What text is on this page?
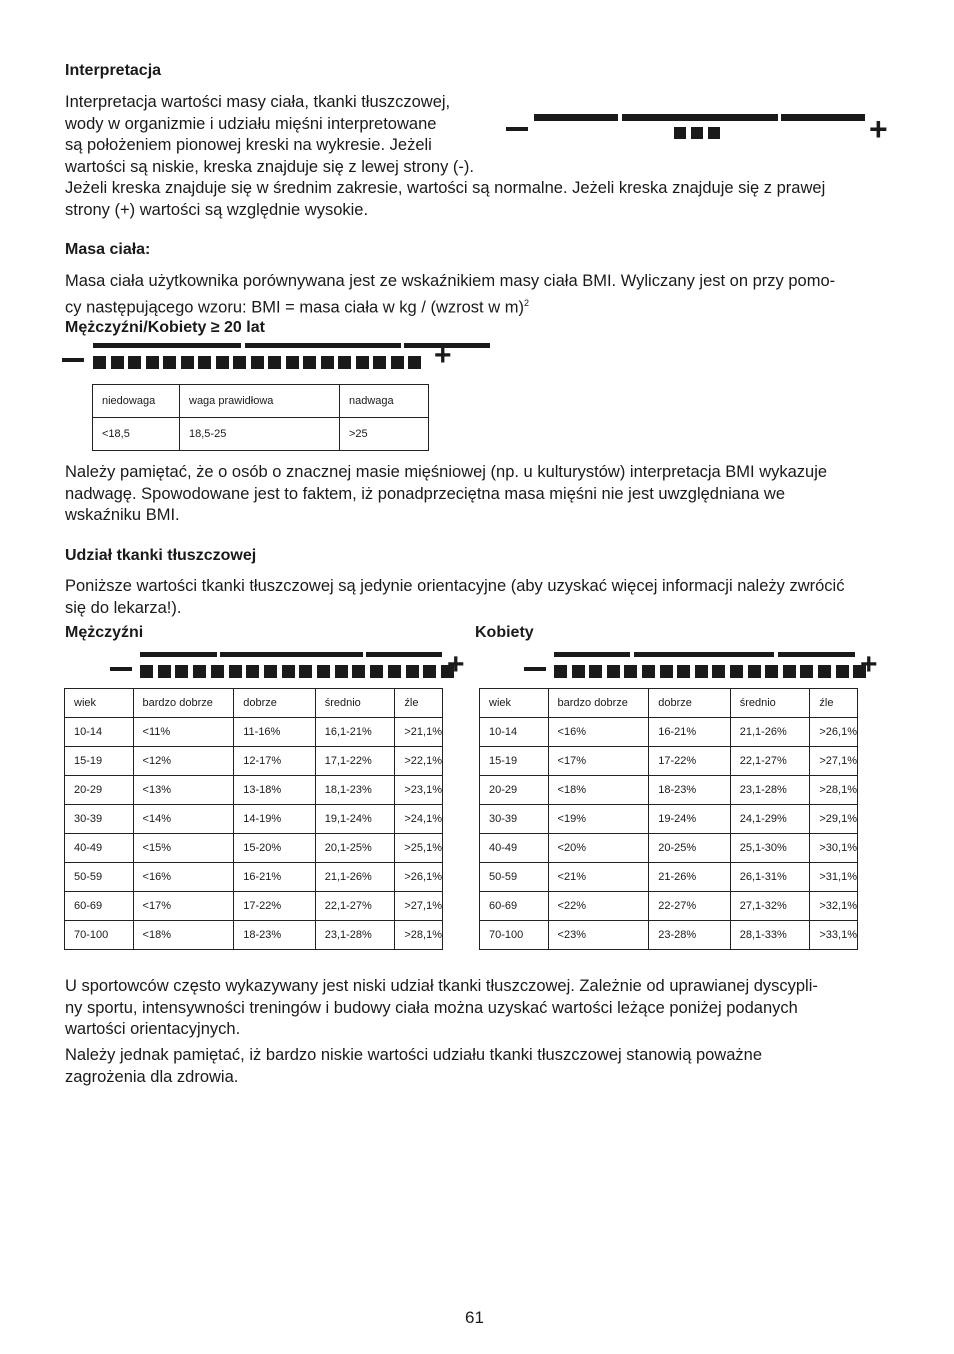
Interpretacja

Interpretacja wartości masy ciała, tkanki tłuszczowej,

wody w organizmie i udziału mięśni interpretowane

są położeniem pionowej kreski na wykresie. Jeżeli

wartości są niskie, kreska znajduje się z lewej strony (-).

Jeżeli kreska znajduje się w średnim zakresie, wartości są normalne. Jeżeli kreska znajduje się z prawej

strony (+) wartości są względnie wysokie.

+
Masa ciała:

Masa ciała użytkownika porównywana jest ze wskaźnikiem masy ciała BMI. Wyliczany jest on przy pomo-

cy następującego wzoru: BMI = masa ciała w kg / (wzrost w m)$^2$

Mężczyźni/Kobiety ≥ 20 lat
+
niedowaga	waga prawidłowa	nadwaga
<18,5	18,5-25	>25

Należy pamiętać, że o osób o znacznej masie mięśniowej (np. u kulturystów) interpretacja BMI wykazuje

nadwagę. Spowodowane jest to faktem, iż ponadprzeciętna masa mięśni nie jest uwzględniana we

wskaźniku BMI.

Udział tkanki tłuszczowej

Poniższe wartości tkanki tłuszczowej są jedynie orientacyjne (aby uzyskać więcej informacji należy zwrócić

się do lekarza!).

Mężczyźni	Kobiety
+	+
wiek	bardzo dobrze	dobrze	średnio	źle
10-14	<11%	11-16%	16,1-21%	>21,1%
15-19	<12%	12-17%	17,1-22%	>22,1%
20-29	<13%	13-18%	18,1-23%	>23,1%
30-39	<14%	14-19%	19,1-24%	>24,1%
40-49	<15%	15-20%	20,1-25%	>25,1%
50-59	<16%	16-21%	21,1-26%	>26,1%
60-69	<17%	17-22%	22,1-27%	>27,1%
70-100	<18%	18-23%	23,1-28%	>28,1%
wiek	bardzo dobrze	dobrze	średnio	źle
10-14	<16%	16-21%	21,1-26%	>26,1%
15-19	<17%	17-22%	22,1-27%	>27,1%
20-29	<18%	18-23%	23,1-28%	>28,1%
30-39	<19%	19-24%	24,1-29%	>29,1%
40-49	<20%	20-25%	25,1-30%	>30,1%
50-59	<21%	21-26%	26,1-31%	>31,1%
60-69	<22%	22-27%	27,1-32%	>32,1%
70-100	<23%	23-28%	28,1-33%	>33,1%

U sportowców często wykazywany jest niski udział tkanki tłuszczowej. Zależnie od uprawianej dyscypli-

ny sportu, intensywności treningów i budowy ciała można uzyskać wartości leżące poniżej podanych

wartości orientacyjnych.

Należy jednak pamiętać, iż bardzo niskie wartości udziału tkanki tłuszczowej stanowią poważne

zagrożenia dla zdrowia.

61
